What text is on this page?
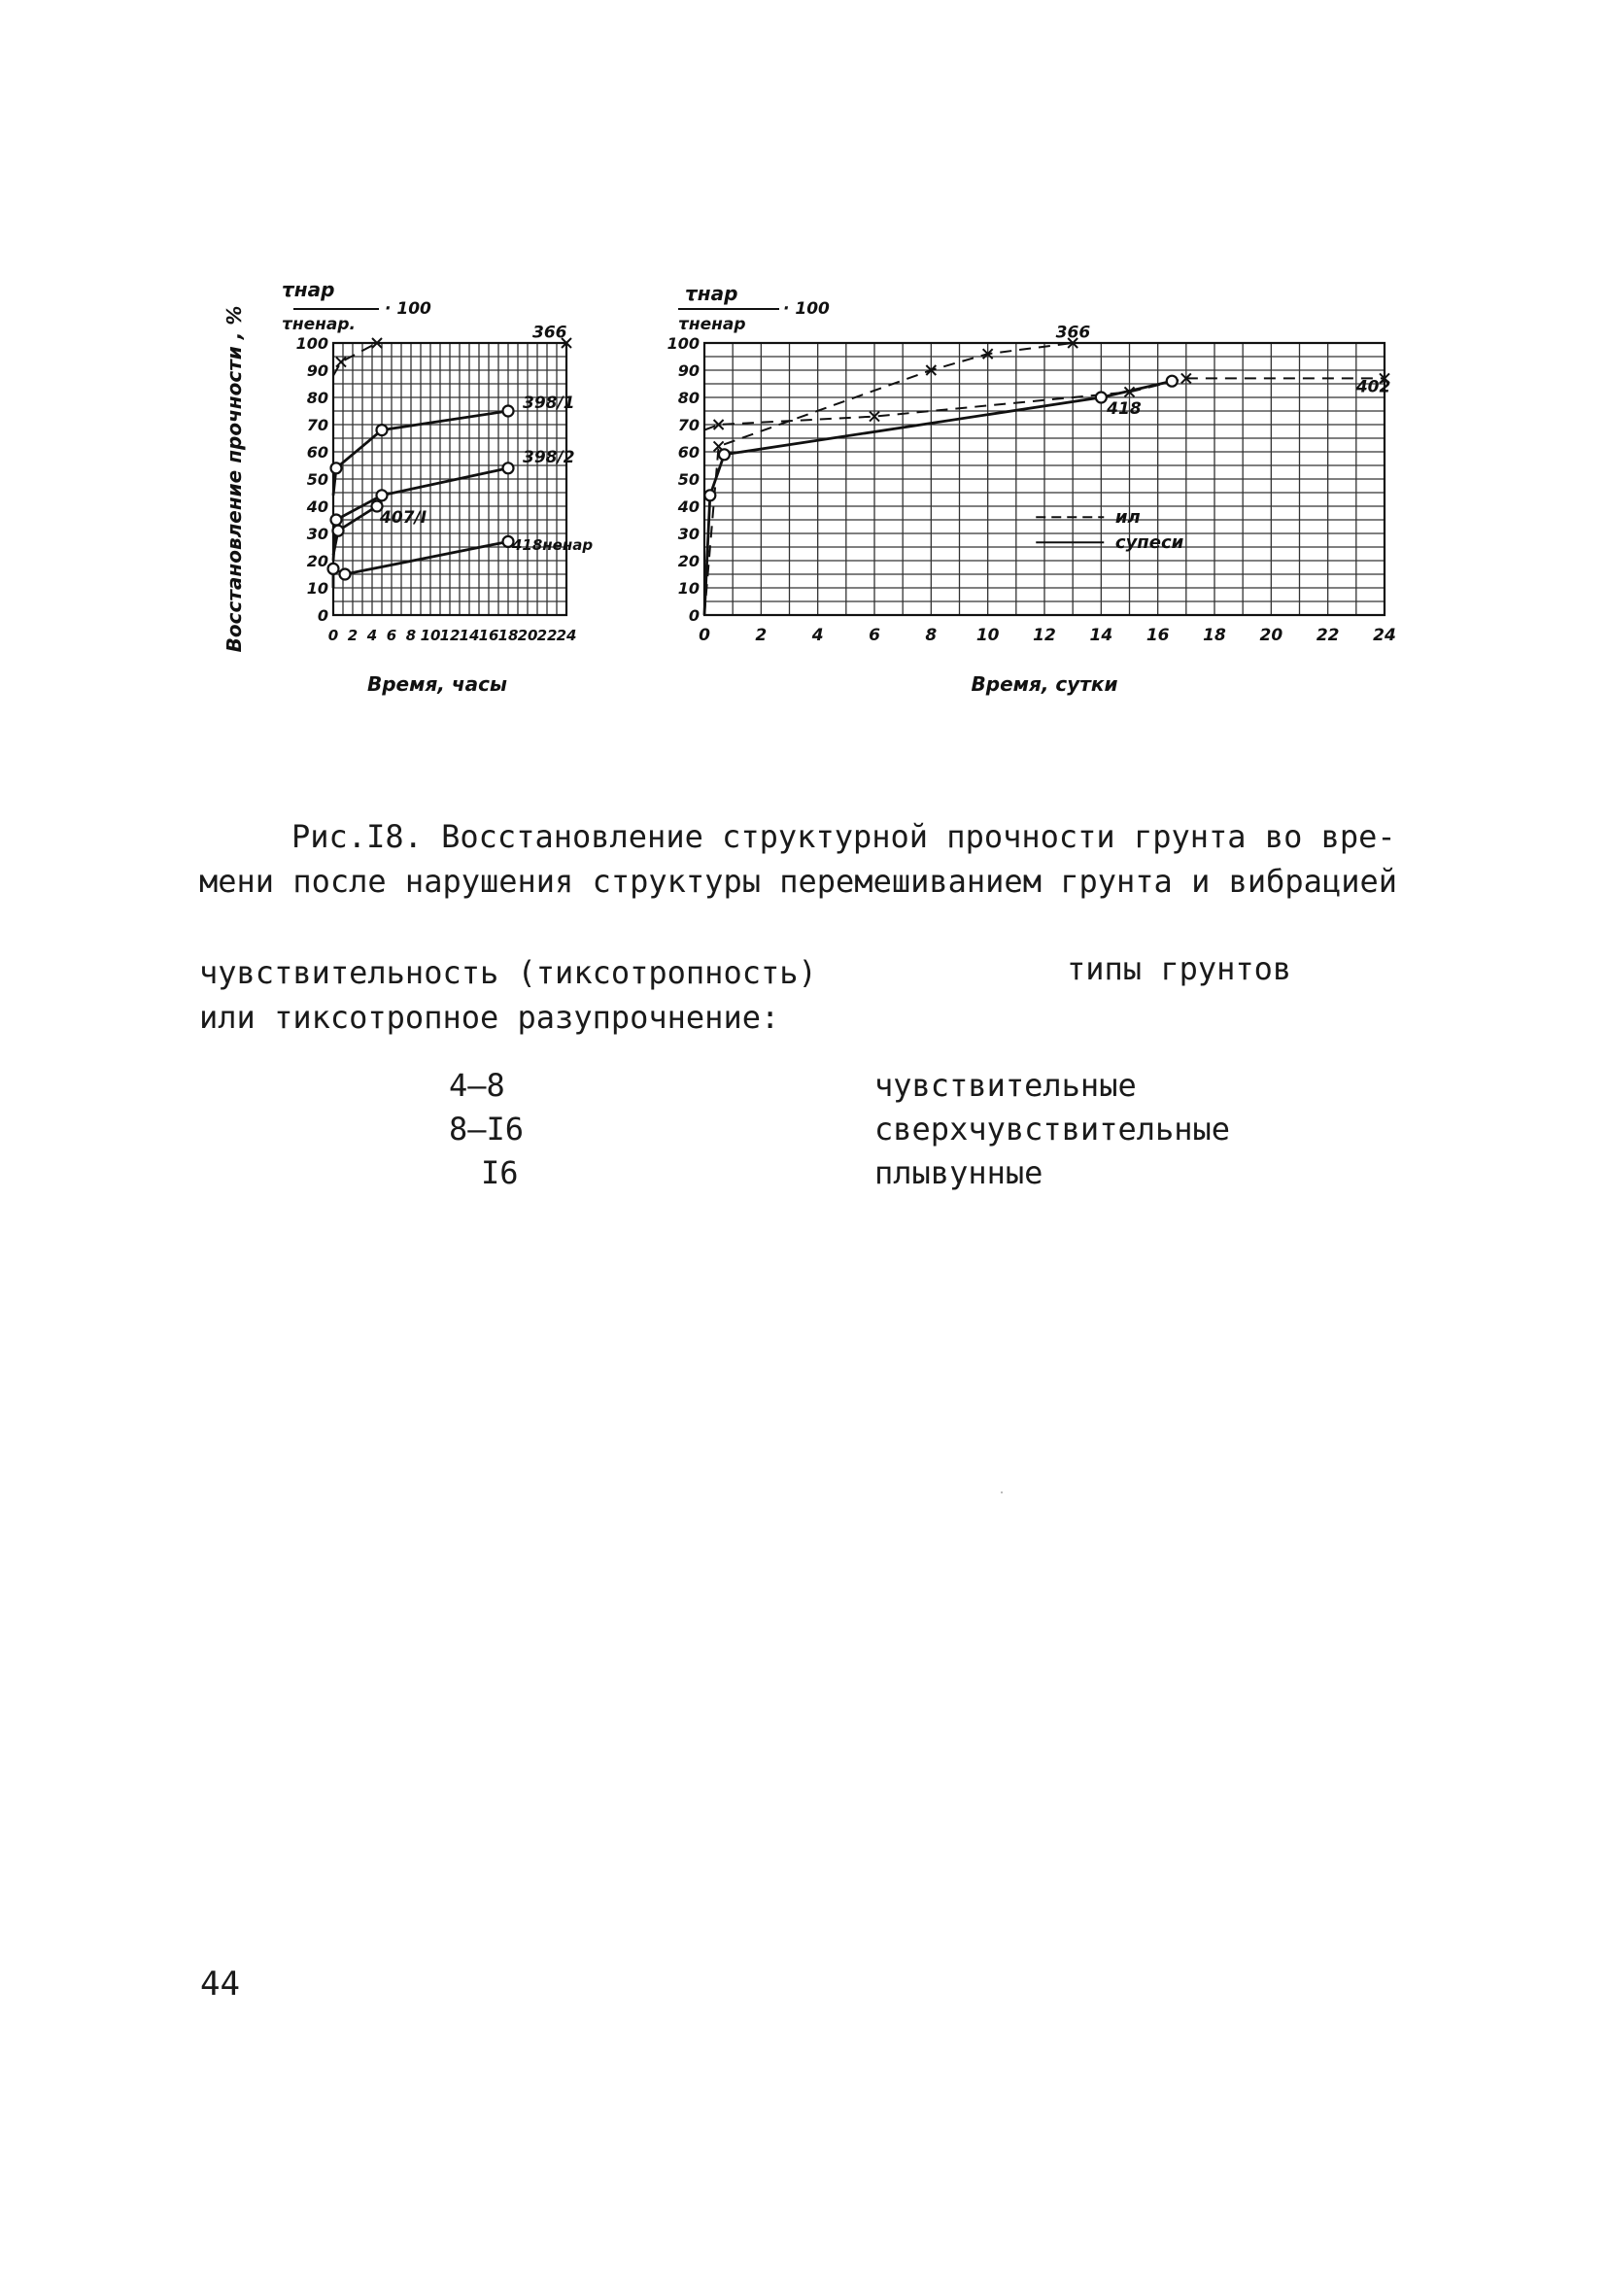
0 2 4 6 8 10 12 14 16 18 20 22 24
0
10
20
30
40
50
60
70
80
90
100
Восстановление прочности , %
τнар
τненар.
· 100
Время, часы
366
398/1
398/2
407/I
418ненар
0	2	4	6	8 10 12 14 16 18 20 22 24
0
10
20
30
40
50
60
70
80
90
100
τнар
τненар
· 100
Время, сутки
366
418
402
ил
супеси
Рис.I8. Восстановление структурной прочности грунта во вре-
мени после нарушения структуры перемешиванием грунта и вибрацией
чувствительность (тиксотропность)
или тиксотропное разупрочнение:
типы грунтов
4–8	чувствительные
8–I6	сверхчувствительные
I6	плывунные
44
